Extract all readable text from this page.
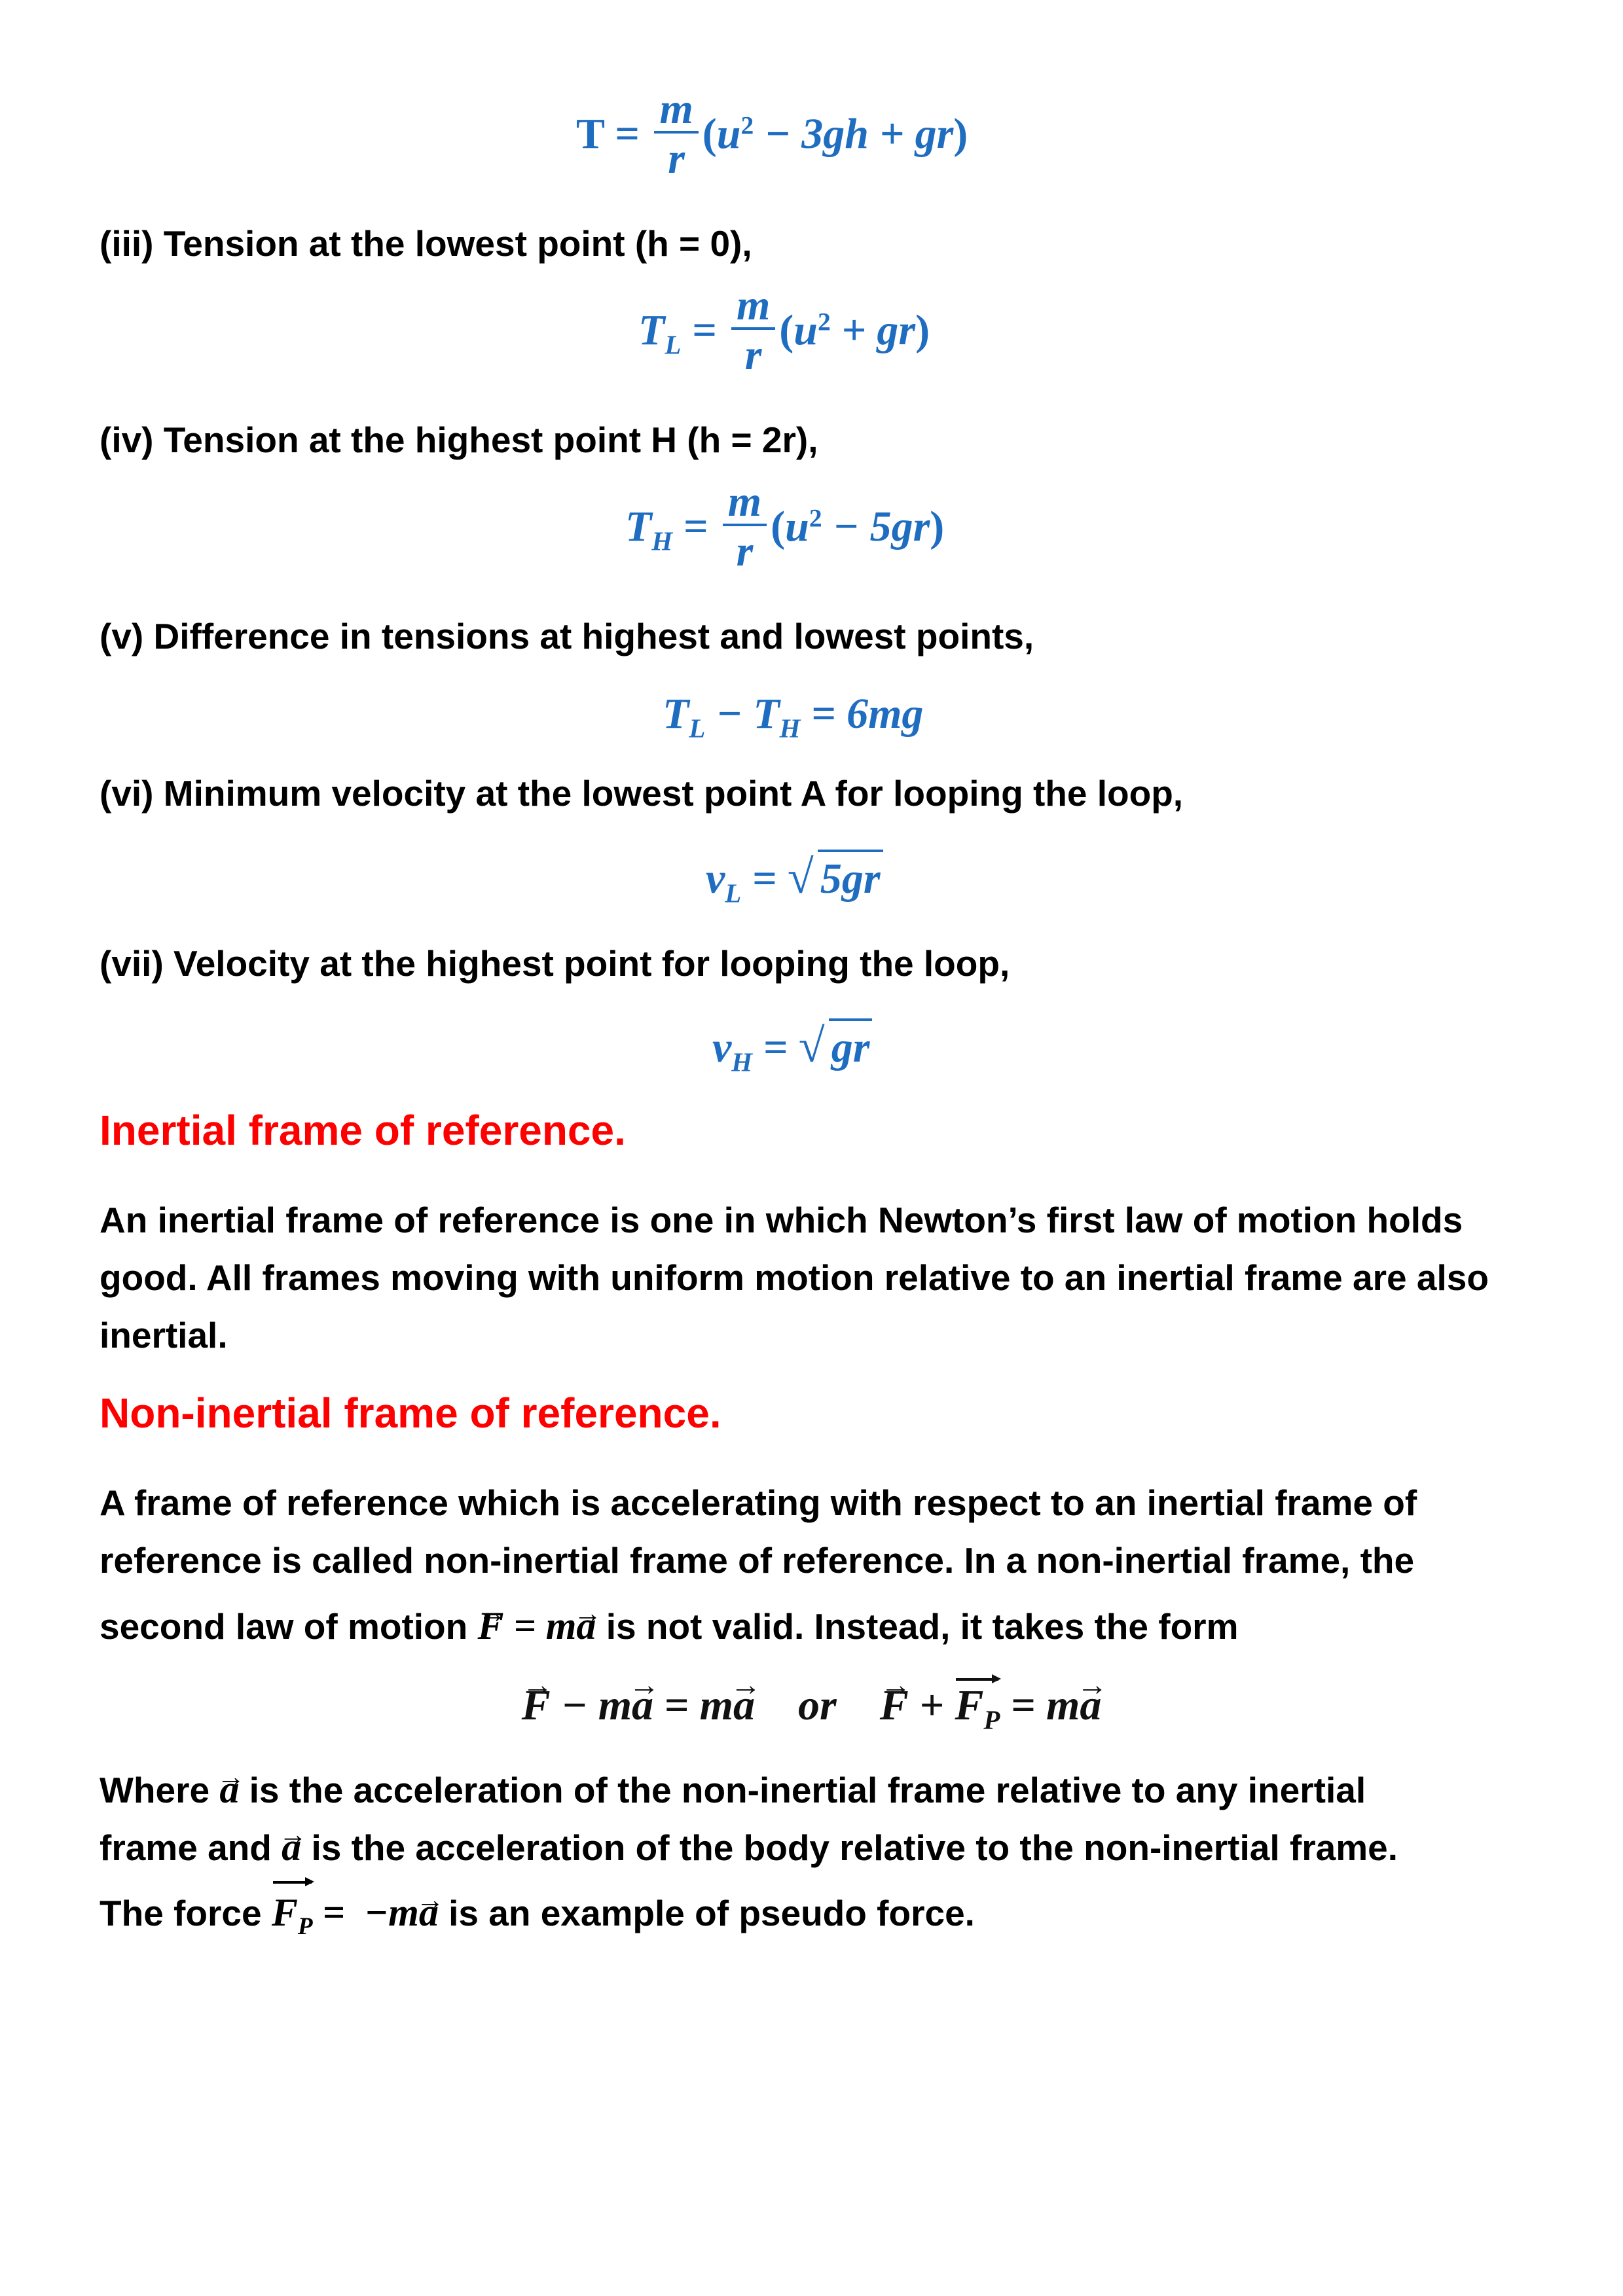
$T = \frac{m}{r} (u^2 - 3gh + gr)$
(iii) Tension at the lowest point (h = 0),
$T_L = \frac{m}{r} (u^2 + gr)$
(iv) Tension at the highest point H (h = 2r),
$T_H = \frac{m}{r} (u^2 - 5gr)$
(v) Difference in tensions at highest and lowest points,
$T_L - T_H = 6mg$
(vi) Minimum velocity at the lowest point A for looping the loop,
$v_L$ = √ 5gr
(vii) Velocity at the highest point for looping the loop,
$v_H$ = √ gr
Inertial frame of reference.
An inertial frame of reference is one in which Newton’s first law of motion holds good. All frames moving with uniform motion relative to an inertial frame are also inertial.
Non-inertial frame of reference.
A frame of reference which is accelerating with respect to an inertial frame of
reference is called non-inertial frame of reference. In a non-inertial frame, the
second law of motion → F = m→ a is not valid. Instead, it takes the form
→ F − m→ a = m→ a    or    → $F + F_P = m\to a$
Where → a is the acceleration of the non-inertial frame relative to any inertial
frame and → a is the acceleration of the body relative to the non-inertial frame.
The force $F_P = -m\to a$ is an example of pseudo force.
